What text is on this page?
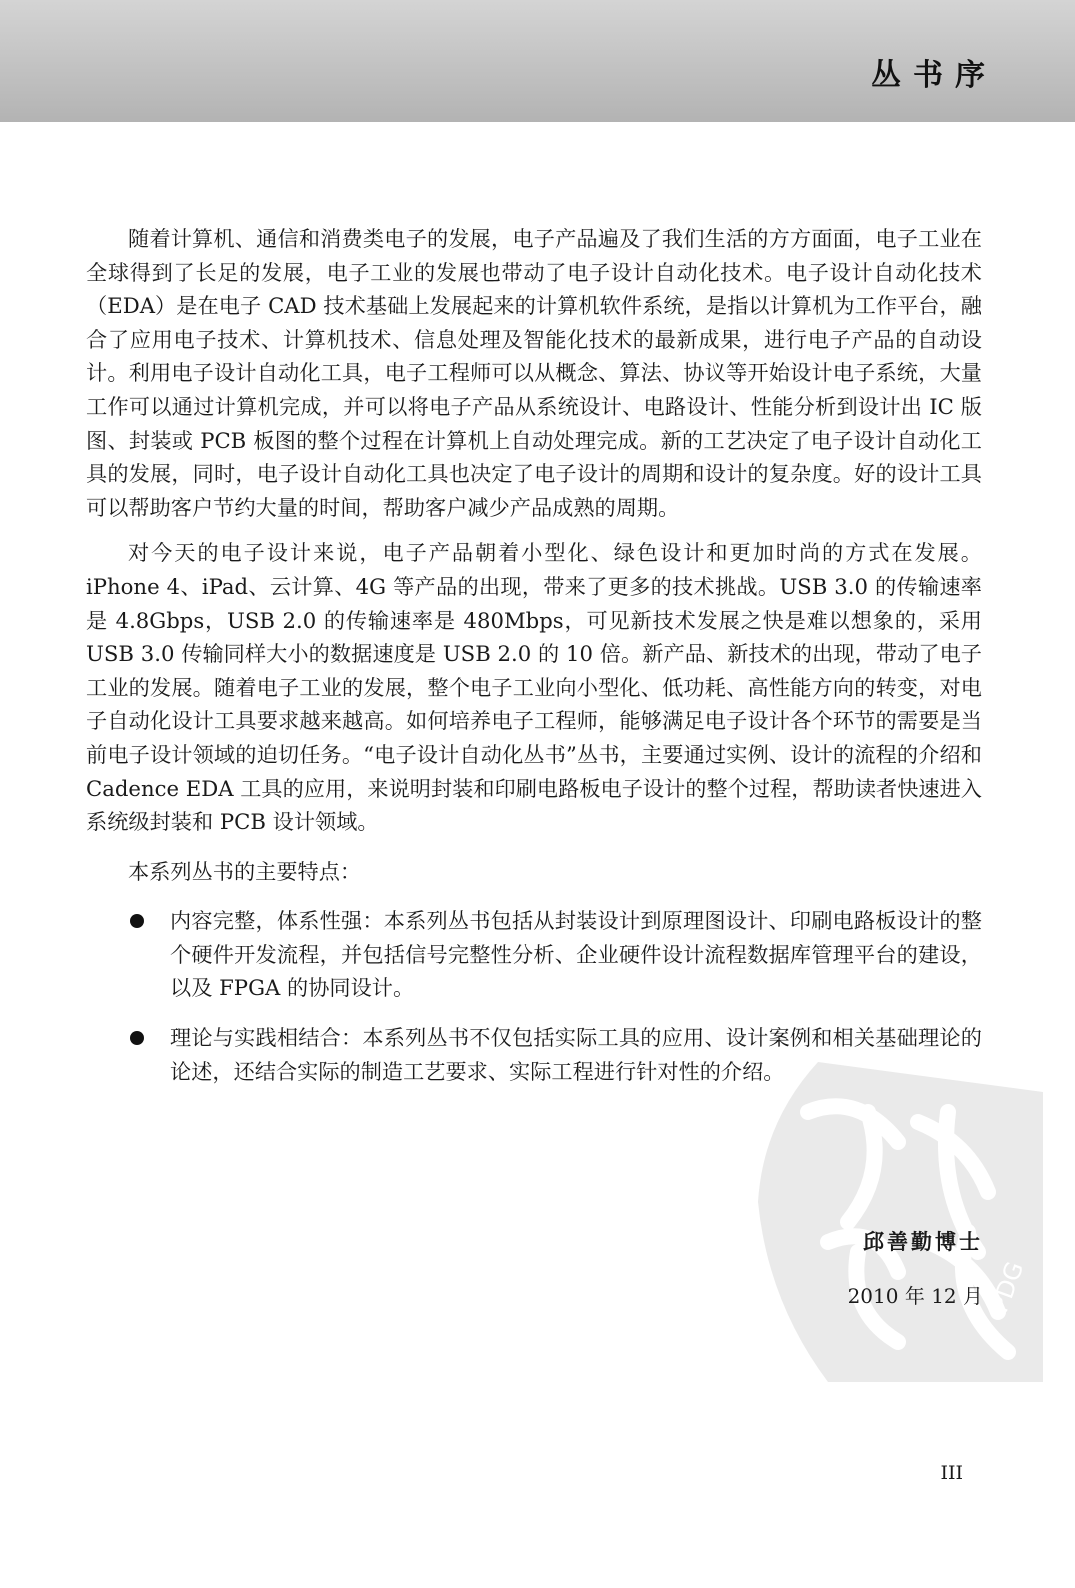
丛书序

随着计算机、通信和消费类电子的发展，电子产品遍及了我们生活的方方面面，电子工业在全球得到了长足的发展，电子工业的发展也带动了电子设计自动化技术。电子设计自动化技术（EDA）是在电子 CAD 技术基础上发展起来的计算机软件系统，是指以计算机为工作平台，融合了应用电子技术、计算机技术、信息处理及智能化技术的最新成果，进行电子产品的自动设计。利用电子设计自动化工具，电子工程师可以从概念、算法、协议等开始设计电子系统，大量工作可以通过计算机完成，并可以将电子产品从系统设计、电路设计、性能分析到设计出 IC 版图、封装或 PCB 板图的整个过程在计算机上自动处理完成。新的工艺决定了电子设计自动化工具的发展，同时，电子设计自动化工具也决定了电子设计的周期和设计的复杂度。好的设计工具可以帮助客户节约大量的时间，帮助客户减少产品成熟的周期。

对今天的电子设计来说，电子产品朝着小型化、绿色设计和更加时尚的方式在发展。iPhone 4、iPad、云计算、4G 等产品的出现，带来了更多的技术挑战。USB 3.0 的传输速率是 4.8Gbps，USB 2.0 的传输速率是 480Mbps，可见新技术发展之快是难以想象的，采用 USB 3.0 传输同样大小的数据速度是 USB 2.0 的 10 倍。新产品、新技术的出现，带动了电子工业的发展。随着电子工业的发展，整个电子工业向小型化、低功耗、高性能方向的转变，对电子自动化设计工具要求越来越高。如何培养电子工程师，能够满足电子设计各个环节的需要是当前电子设计领域的迫切任务。“电子设计自动化丛书”丛书，主要通过实例、设计的流程的介绍和 Cadence EDA 工具的应用，来说明封装和印刷电路板电子设计的整个过程，帮助读者快速进入系统级封装和 PCB 设计领域。

本系列丛书的主要特点：

内容完整，体系性强：本系列丛书包括从封装设计到原理图设计、印刷电路板设计的整个硬件开发流程，并包括信号完整性分析、企业硬件设计流程数据库管理平台的建设，以及 FPGA 的协同设计。
理论与实践相结合：本系列丛书不仅包括实际工具的应用、设计案例和相关基础理论的论述，还结合实际的制造工艺要求、实际工程进行针对性的介绍。
PDG
邱善勤博士
2010 年 12 月
III
